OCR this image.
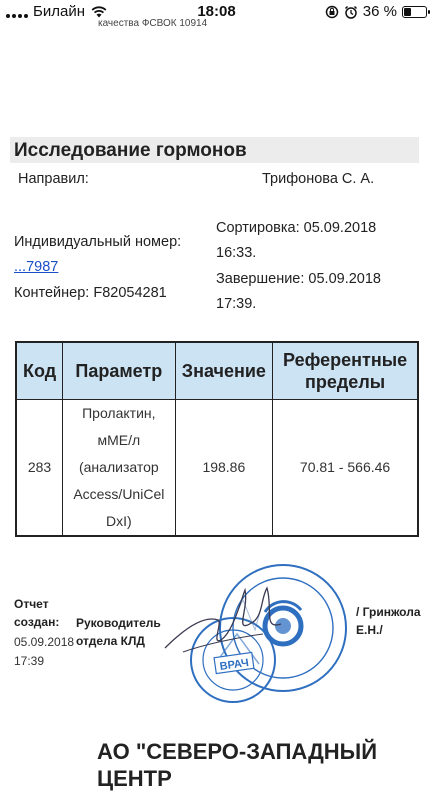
Билайн	18:08	36 %
качества ФСВОК 10914
Исследование гормонов
Направил:	Трифонова С. А.
Сортировка: 05.09.2018
16:33.
Индивидуальный номер:
...7987
Завершение: 05.09.2018
17:39.
Контейнер: F82054281
Код	Параметр	Значение	Референтные пределы
283	Пролактин,
мМЕ/л
(анализатор
Access/UniCel
DxI)	198.86	70.81 - 566.46
Отчет создан:
05.09.2018
17:39
Руководитель отдела КЛД
ВРАЧ
/ Гринжола Е.Н./
АО "СЕВЕРО-ЗАПАДНЫЙ ЦЕНТР
